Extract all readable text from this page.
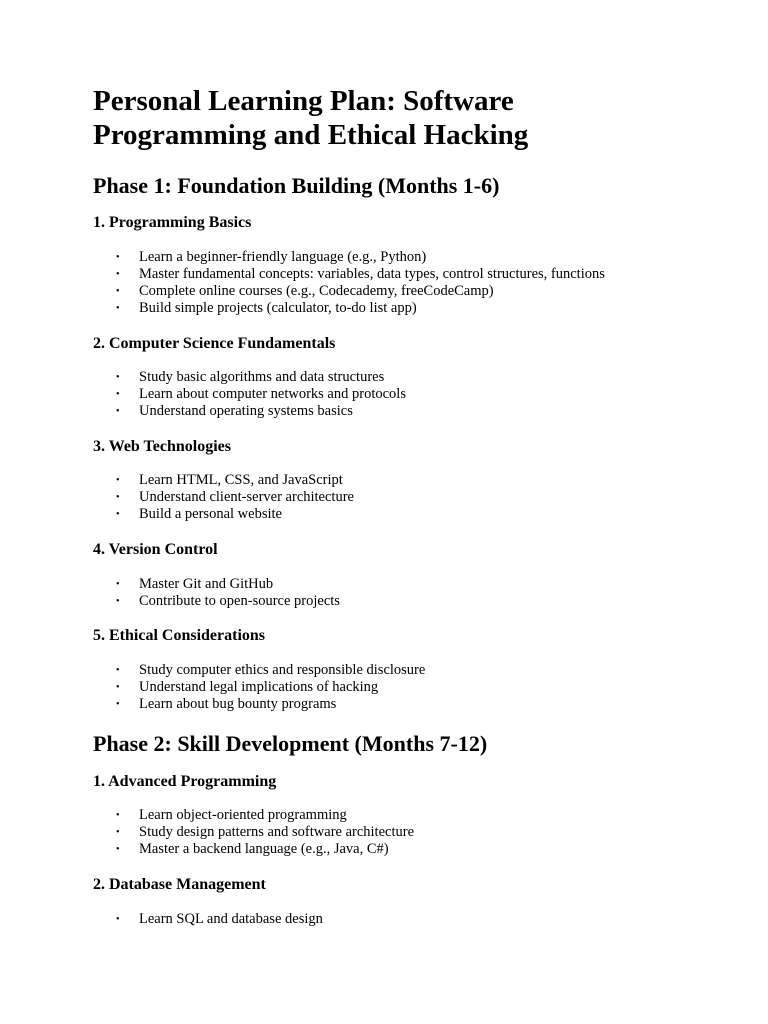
Personal Learning Plan: Software Programming and Ethical Hacking
Phase 1: Foundation Building (Months 1-6)
1. Programming Basics
• Learn a beginner-friendly language (e.g., Python)
• Master fundamental concepts: variables, data types, control structures, functions
• Complete online courses (e.g., Codecademy, freeCodeCamp)
• Build simple projects (calculator, to-do list app)
2. Computer Science Fundamentals
• Study basic algorithms and data structures
• Learn about computer networks and protocols
• Understand operating systems basics
3. Web Technologies
• Learn HTML, CSS, and JavaScript
• Understand client-server architecture
• Build a personal website
4. Version Control
• Master Git and GitHub
• Contribute to open-source projects
5. Ethical Considerations
• Study computer ethics and responsible disclosure
• Understand legal implications of hacking
• Learn about bug bounty programs
Phase 2: Skill Development (Months 7-12)
1. Advanced Programming
• Learn object-oriented programming
• Study design patterns and software architecture
• Master a backend language (e.g., Java, C#)
2. Database Management
• Learn SQL and database design
